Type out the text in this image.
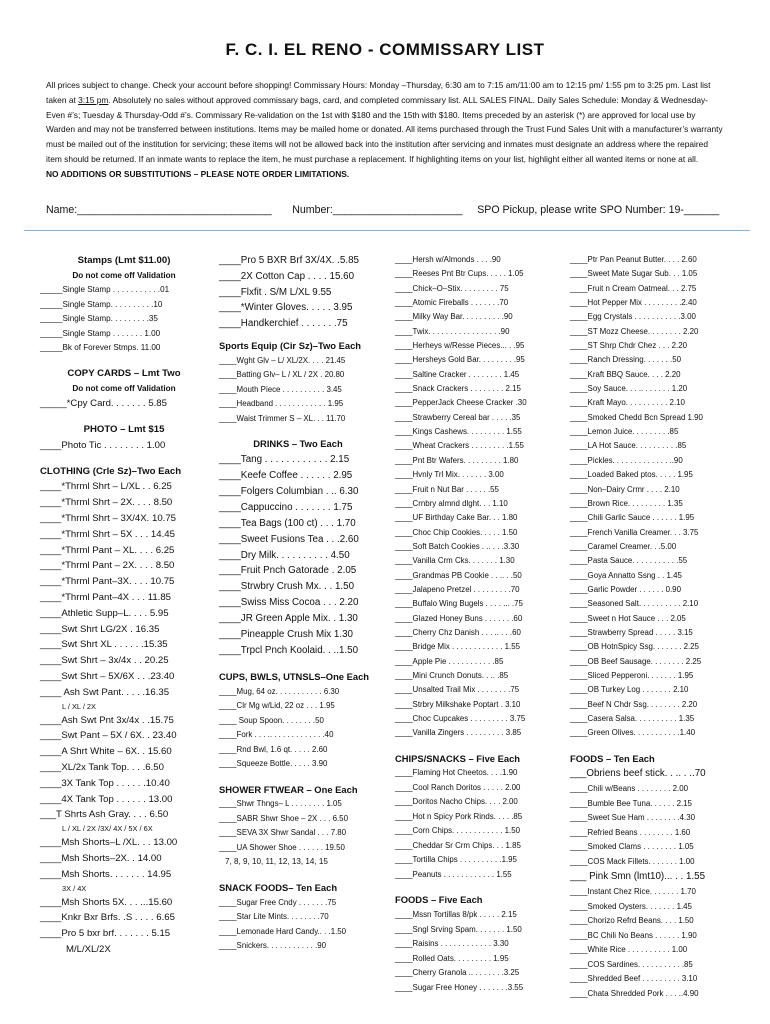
F. C. I. EL RENO - COMMISSARY LIST

All prices subject to change. Check your account before shopping! Commissary Hours: Monday –Thursday, 6:30 am to 7:15 am/11:00 am to 12:15 pm/ 1:55 pm to 3:25 pm. Last list taken at 3:15 pm. Absolutely no sales without approved commissary bags, card, and completed commissary list. ALL SALES FINAL. Daily Sales Schedule: Monday & Wednesday-Even #’s; Tuesday & Thursday-Odd #’s. Commissary Re-validation on the 1st with $180 and the 15th with $180. Items preceded by an asterisk (*) are approved for local use by Warden and may not be transferred between institutions. Items may be mailed home or donated. All items purchased through the Trust Fund Sales Unit with a manufacturer’s warranty must be mailed out of the institution for servicing; these items will not be allowed back into the institution after servicing and inmates must designate an address where the repaired item should be returned. If an inmate wants to replace the item, he must purchase a replacement. If highlighting items on your list, highlight either all wanted items or none at all.

NO ADDITIONS OR SUBSTITUTIONS – PLEASE NOTE ORDER LIMITATIONS.

Name:_________________________________ Number:______________________ SPO Pickup, please write SPO Number: 19-______
Stamps (Lmt $11.00)
Do not come off Validation
_____Single Stamp . . . . . . . . . . .01
_____Single Stamp. . . . . . . . . .10
_____Single Stamp. . . . . . . . .35
_____Single Stamp . . . . . . . 1.00
_____Bk of Forever Stmps. 11.00
COPY CARDS – Lmt Two
Do not come off Validation
_____*Cpy Card. . . . . . . 5.85
PHOTO – Lmt $15
____Photo Tic . . . . . . . . 1.00
CLOTHING (Crle Sz)–Two Each
____*Thrml Shrt – L/XL . . 6.25
____*Thrml Shrt – 2X. . . . 8.50
____*Thrml Shrt – 3X/4X. 10.75
____*Thrml Shrt – 5X . . . 14.45
____*Thrml Pant – XL. . . . 6.25
____*Thrml Pant – 2X. . . . 8.50
____*Thrml Pant–3X. . . . 10.75
____*Thrml Pant–4X . . . 11.85
____Athletic Supp–L. . . . 5.95
____Swt Shrt LG/2X . 16.35
____Swt Shrt XL . . . . . .15.35
____Swt Shrt – 3x/4x . . 20.25
____Swt Shrt – 5X/6X . . .23.40
____ Ash Swt Pant. . . . .16.35
L / XL / 2X
____Ash Swt Pnt 3x/4x . .15.75
____Swt Pant – 5X / 6X. . 23.40
____A Shrt White – 6X. . 15.60
____XL/2x Tank Top. . . .6.50
____3X Tank Top . . . . . .10.40
____4X Tank Top . . . . . . 13.00
___T Shrts Ash Gray. . . . 6.50
L / XL / 2X /3X/ 4X / 5X / 6X
____Msh Shorts–L /XL. . . 13.00
____Msh Shorts–2X. . 14.00
____Msh Shorts. . . . . . . 14.95
3X / 4X
____Msh Shorts 5X. . . ...15.60
____Knkr Bxr Brfs. .S . . . . 6.65
____Pro 5 bxr brf. . . . . . . 5.15
M/L/XL/2X
____Pro 5 BXR Brf 3X/4X. .5.85
____2X Cotton Cap . . . . 15.60
____Flxfit . S/M L/XL 9.55
____*Winter Gloves. . . . . 3.95
____Handkerchief . . . . . . .75
Sports Equip (Cir Sz)–Two Each
____Wght Glv – L/ XL/2X. . . . 21.45
____Batting Glv– L / XL / 2X . 20.80
____Mouth Piece . . . . . . . . . . 3.45
____Headband . . . . . . . . . . . . 1.95
____Waist Trimmer S – XL. . . 11.70
DRINKS – Two Each
____Tang . . . . . . . . . . . . 2.15
____Keefe Coffee . . . . . . 2.95
____Folgers Columbian . .. 6.30
____Cappuccino . . . . . . . 1.75
____Tea Bags (100 ct) . . . 1.70
____Sweet Fusions Tea . . .2.60
____Dry Milk. . . . . . . . . . 4.50
____Fruit Pnch Gatorade . 2.05
____Strwbry Crush Mx. . . 1.50
____Swiss Miss Cocoa . . . 2.20
____JR Green Apple Mix. . 1.30
____Pineapple Crush Mix 1.30
____Trpcl Pnch Koolaid. . ..1.50
CUPS, BWLS, UTNSLS–One Each
____Mug, 64 oz. . . . . . . . . . . 6.30
____Clr Mg w/Lid, 22 oz . . . 1.95
____ Soup Spoon. . . . . . . .50
____Fork . . . .. . . . . . . . . . . . .40
____Rnd Bwl, 1.6 qt. . . . . 2.60
____Squeeze Bottle. . . . . 3.90
SHOWER FTWEAR – One Each
____Shwr Thngs– L . . . . . . . . 1.05
____SABR Shwr Shoe – 2X . . . 6.50
____SEVA 3X Shwr Sandal . . . 7.80
____UA Shower Shoe . . . . . . 19.50
7, 8, 9, 10, 11, 12, 13, 14, 15
SNACK FOODS– Ten Each
____Sugar Free Cndy . . . . . . .75
____Star Lite Mints. . . . . . . .70
____Lemonade Hard Candy.. . .1.50
____Snickers. . . . . . . . . . . .90
____Hersh w/Almonds . . . .90
____Reeses Pnt Btr Cups. . . . . 1.05
____Chick–O–Stix. . . . . . . . . 75
____Atomic Fireballs . . . . . . .70
____Milky Way Bar. . . . . . . . . .90
____Twix. . . . . . . . . . . . . . . . .90
____Herheys w/Resse Pieces... . .95
____Hersheys Gold Bar. . . . . . . . .95
____Saltine Cracker . . . . . . . . 1.45
____Snack Crackers . . . . . . . . 2.15
____PepperJack Cheese Cracker .30
____Strawberry Cereal bar . . . . .35
____Kings Cashews. . . . . . . . . 1.55
____Wheat Crackers . . . . . . . . .1.55
____Pnt Btr Wafers. . . . . . . . . 1.80
____Hvnly Trl Mix. . . . . . . 3.00
____Fruit n Nut Bar . . . . . .55
____Crnbry almnd dlght. . . 1.10
____UF Birthday Cake Bar. . . 1.80
____Choc Chip Cookies. . . . . 1.50
____Soft Batch Cookies . .. . . .3.30
____Vanilla Crm Cks. . . . . . . 1.30
____Grandmas PB Cookie . . .. . .50
____Jalapeno Pretzel . . . . . . . . .70
____Buffalo Wing Bugels . . . . ... .75
____Glazed Honey Buns . . . . . . .60
____Cherry Chz Danish . . . .. . . .60
____Bridge Mix . . . . . . . . . . . . 1.55
____Apple Pie . . . . . . . . . . .85
____Mini Crunch Donuts. . .. .85
____Unsalted Trail Mix . . . . . . . .75
____Strbry Milkshake Poptart . 3.10
____Choc Cupcakes . . . . . . . . . 3.75
____Vanilla Zingers . . . . . . . . . 3.85
CHIPS/SNACKS – Five Each
____Flaming Hot Cheetos. . . .1.90
____Cool Ranch Doritos . . . . . 2.00
____Doritos Nacho Chips. . . . 2.00
____Hot n Spicy Pork Rinds. . . . .85
____Corn Chips. . . . . . . . . . . . 1.50
____Cheddar Sr Crm Chips. . . 1.85
____Tortilla Chips . . . . . . . . . .1.95
____Peanuts . . . . . . . . . . . . 1.55
FOODS – Five Each
____Mssn Tortillas 8/pk . . . . . 2.15
____Sngl Srving Spam. . . . . . . 1.50
____Raisins . . . . . . . . . . . . 3.30
____Rolled Oats. . . . . . . . . 1.95
____Cherry Granola .. . . . . . . .3.25
____Sugar Free Honey . . . . . . .3.55
____Ptr Pan Peanut Butter. . . . 2.60
____Sweet Mate Sugar Sub. . . 1.05
____Fruit n Cream Oatmeal. . . 2.75
____Hot Pepper Mix . . . . . . . . .2.40
____Egg Crystals . . . . . . . . . . .3.00
____ST Mozz Cheese. . . . . . . . 2.20
____ST Shrp Chdr Chez . . . 2.20
____Ranch Dressing. . . . . . .50
____Kraft BBQ Sauce. . . . 2.20
____Soy Sauce. . . .. . . . . . . 1.20
____Kraft Mayo. . . . . . . . . . 2.10
____Smoked Chedd Bcn Spread 1.90
____Lemon Juice. . . . . . . . .85
____LA Hot Sauce. . . . . . . . . .85
____Pickles. . . . . . . . . . . . . ..90
____Loaded Baked ptos. . . . . 1.95
____Non–Dairy Crmr . . . . 2.10
____Brown Rice. . . . . . . . . 1.35
____Chili Garlic Sauce . . . . . . 1.95
____French Vanilla Creamer. . . 3.75
____Caramel Creamer. . .5.00
____Pasta Sauce. . . . . . . . . . .55
____Goya Annatto Ssng . . 1.45
____Garlic Powder . . . . . . 0.90
____Seasoned Salt. . . . . . . . . . 2.10
____Sweet n Hot Sauce . . . 2.05
____Strawberry Spread . . . . . 3.15
____OB HotnSpicy Ssg. . . . . . . 2.25
____OB Beef Sausage. . . . . . . . 2.25
____Sliced Pepperoni. . . . . . . 1.95
____OB Turkey Log . . . . . . . 2.10
____Beef N Chdr Ssg. . . . . . . . 2.20
____Casera Salsa. . . . . . . . . . 1.35
____Green Olives. . . . . . . . . . .1.40
FOODS – Ten Each
___Obriens beef stick. . .. . ..70
____Chili w/Beans . . . . . . . . 2.00
____Bumble Bee Tuna. . . . . . 2.15
____Sweet Sue Ham . . . . . . . .4.30
____Refried Beans . . . . . . . . 1.60
____Smoked Clams . . . . . . . . 1.05
____COS Mack Fillets. . . . . . . 1.00
___ Pink Smn (lmt10)... . . 1.55
____Instant Chez Rice. . . . . . . 1.70
____Smoked Oysters. . . . . . . 1.45
____Chorizo Refrd Beans. . . . 1.50
____BC Chili No Beans . . . . . . 1.90
____White Rice . . . . . . . . . . 1.00
____COS Sardines. . . . . . . . . . .85
____Shredded Beef . . . . . . . . . 3.10
____Chata Shredded Pork . . . ..4.90
